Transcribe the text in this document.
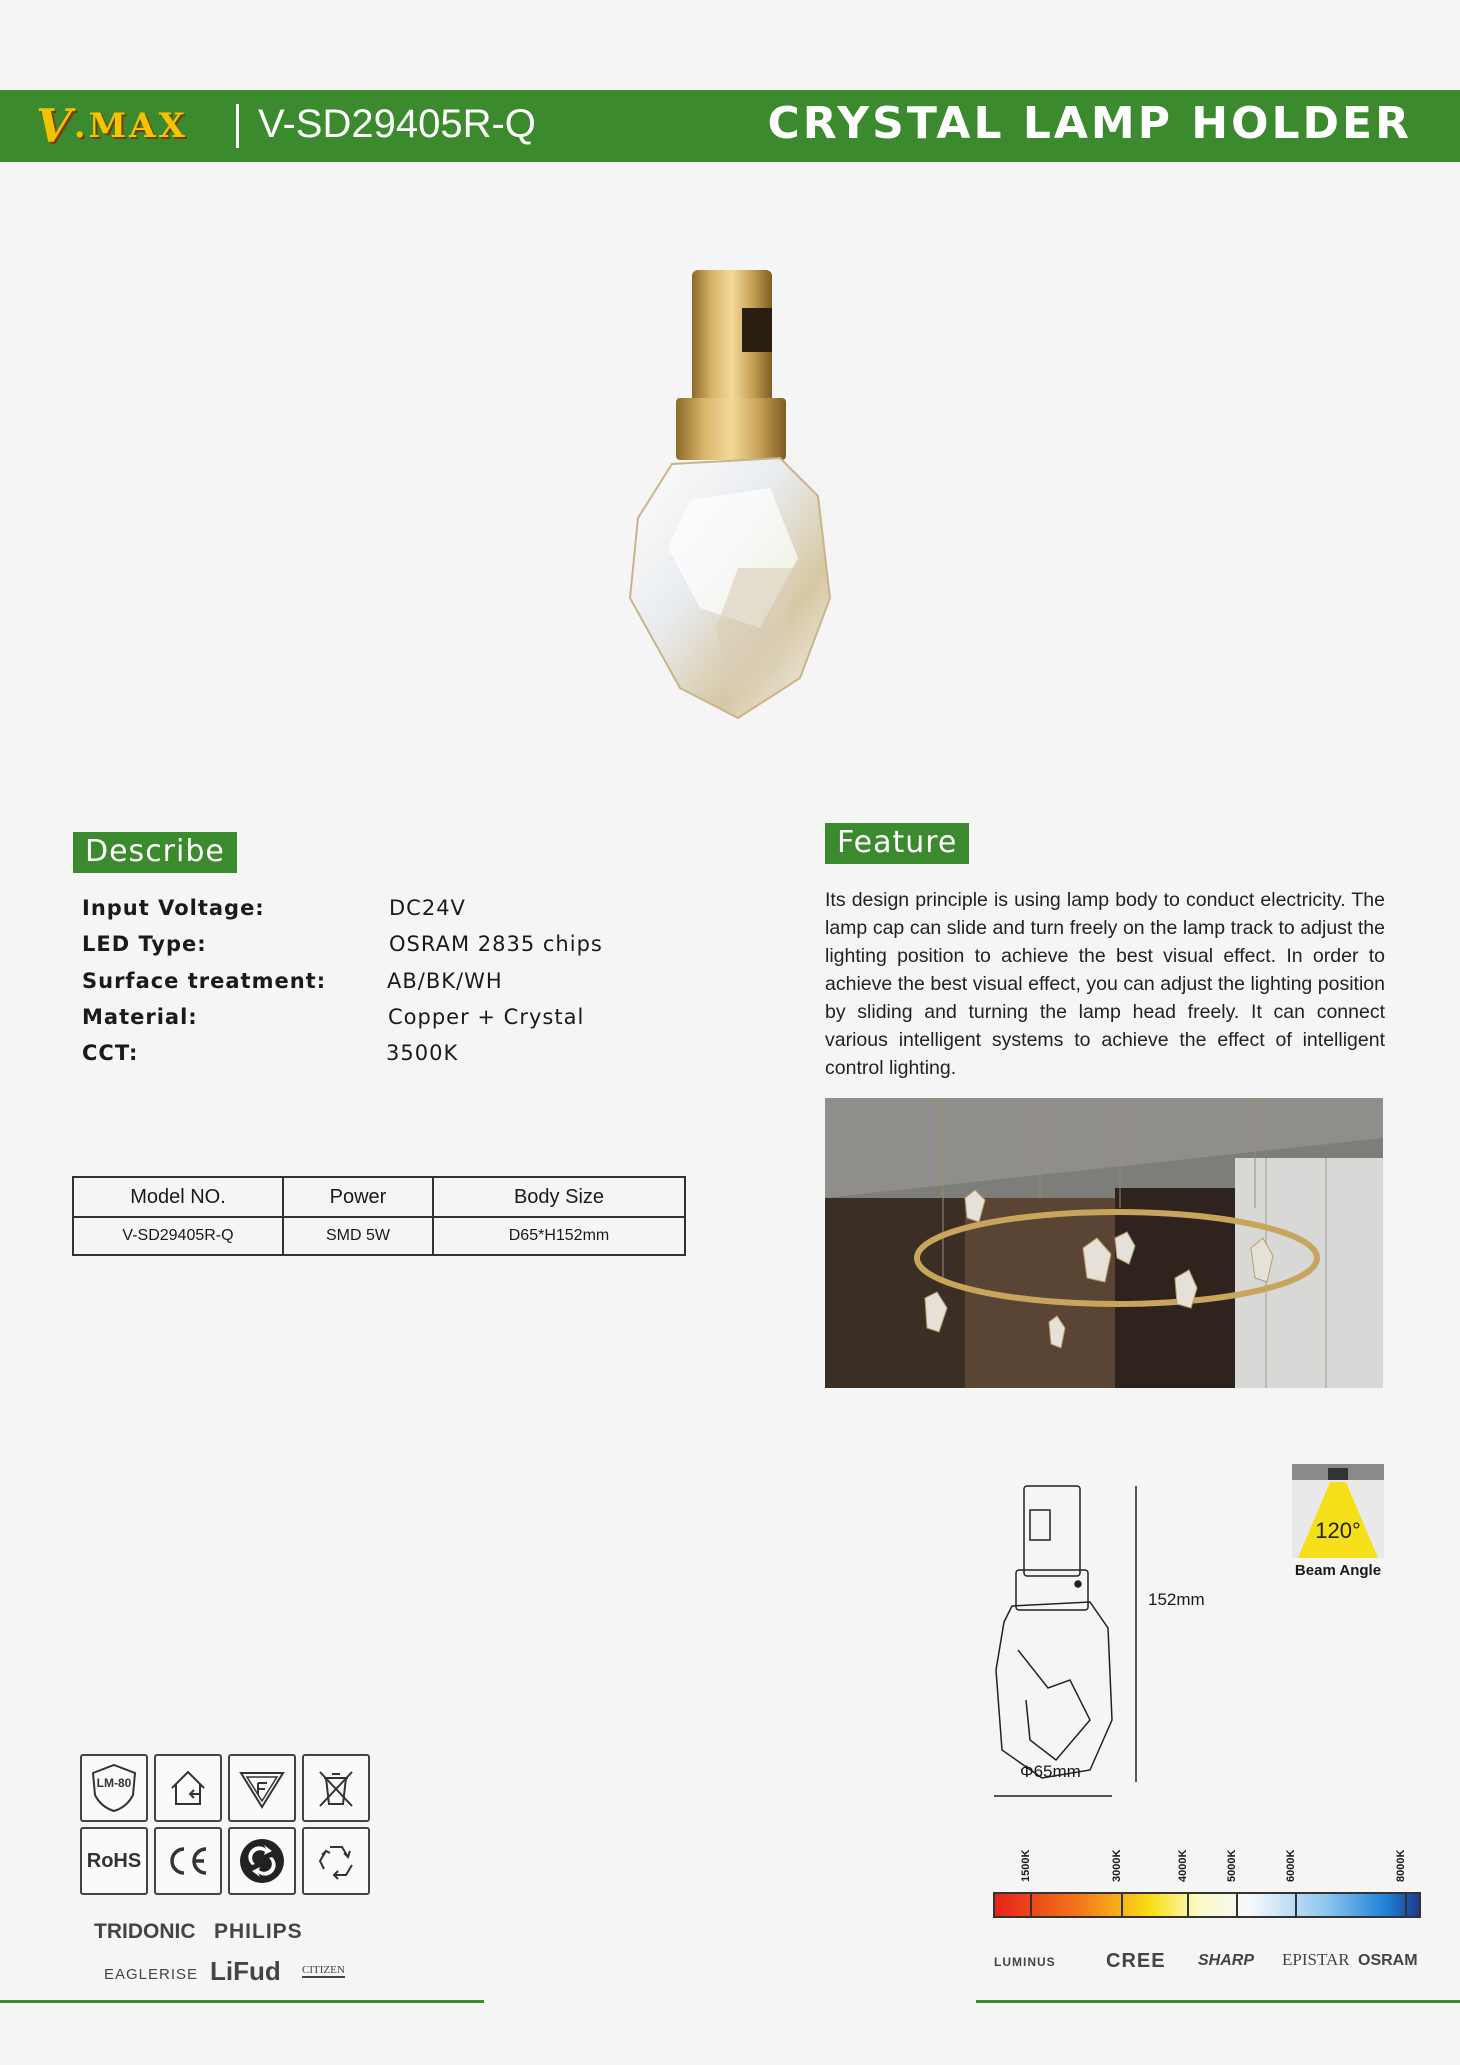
V .MAX V-SD29405R-Q	CRYSTAL LAMP HOLDER
Describe
Input Voltage:	DC24V
LED Type:	OSRAM 2835 chips
Surface treatment:	AB/BK/WH
Material:	Copper + Crystal
CCT:	3500K
Model NO.	Power	Body Size
V-SD29405R-Q	SMD 5W	D65*H152mm
Feature
Its design principle is using lamp body to conduct electricity. The lamp cap can slide and turn freely on the lamp track to adjust the lighting position to achieve the best visual effect. In order to achieve the best visual effect, you can adjust the lighting position by sliding and turning the lamp head freely. It can connect various intelligent systems to achieve the effect of intelligent control lighting.
152mm
Φ65mm
120°
Beam Angle
LM-80
RoHS
TRIDONIC PHILIPS
EAGLERISE LiFud CITIZEN
1500K	3000K	4000K	5000K	6000K	8000K
LUMINUS	CREE SHARP EPISTAR OSRAM
